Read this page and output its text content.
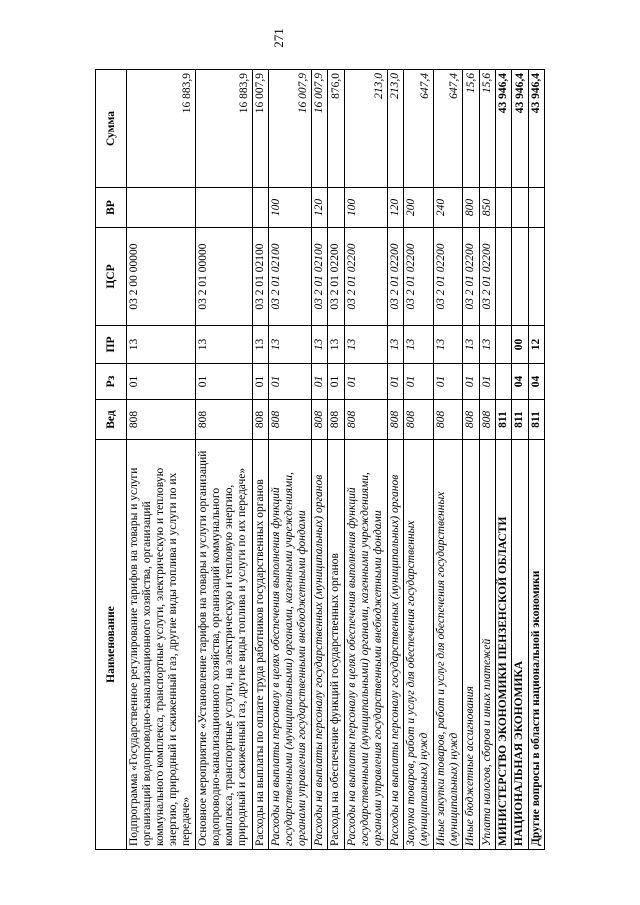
271
Наименование	Вед	Рз	ПР	ЦСР	ВР	Сумма
Подпрограмма «Государственное регулирование тарифов на товары и услуги организаций водопроводно-канализационного хозяйства, организаций коммунального комплекса, транспортные услуги, электрическую и тепловую энергию, природный и сжиженный газ, другие виды топлива и услуги по их передаче»	808	01	13	03 2 00 00000		16 883,9
Основное мероприятие «Установление тарифов на товары и услуги организаций водопроводно-канализационного хозяйства, организаций коммунального комплекса, транспортные услуги, на электрическую и тепловую энергию, природный и сжиженный газ, другие виды топлива и услуги по их передаче»	808	01	13	03 2 01 00000		16 883,9
Расходы на выплаты по оплате труда работников государственных органов	808	01	13	03 2 01 02100		16 007,9
Расходы на выплаты персоналу в целях обеспечения выполнения функций государственными (муниципальными) органами, казенными учреждениями, органами управления государственными внебюджетными фондами	808	01	13	03 2 01 02100	100	16 007,9
Расходы на выплаты персоналу государственных (муниципальных) органов	808	01	13	03 2 01 02100	120	16 007,9
Расходы на обеспечение функций государственных органов	808	01	13	03 2 01 02200		876,0
Расходы на выплаты персоналу в целях обеспечения выполнения функций государственными (муниципальными) органами, казенными учреждениями, органами управления государственными внебюджетными фондами	808	01	13	03 2 01 02200	100	213,0
Расходы на выплаты персоналу государственных (муниципальных) органов	808	01	13	03 2 01 02200	120	213,0
Закупка товаров, работ и услуг для обеспечения государственных (муниципальных) нужд	808	01	13	03 2 01 02200	200	647,4
Иные закупки товаров, работ и услуг для обеспечения государственных (муниципальных) нужд	808	01	13	03 2 01 02200	240	647,4
Иные бюджетные ассигнования	808	01	13	03 2 01 02200	800	15,6
Уплата налогов, сборов и иных платежей	808	01	13	03 2 01 02200	850	15,6
МИНИСТЕРСТВО ЭКОНОМИКИ ПЕНЗЕНСКОЙ ОБЛАСТИ	811					43 946,4
НАЦИОНАЛЬНАЯ ЭКОНОМИКА	811	04	00			43 946,4
Другие вопросы в области национальной экономики	811	04	12			43 946,4
